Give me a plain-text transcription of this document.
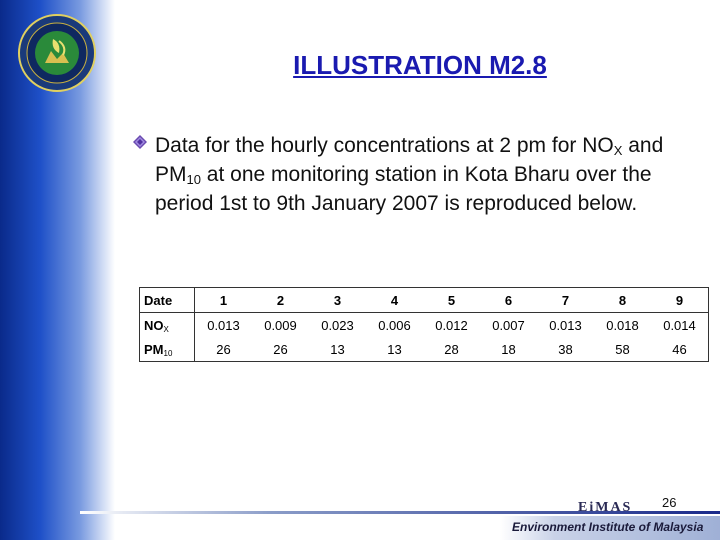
ILLUSTRATION M2.8
Data for the hourly concentrations at 2 pm for $NO_X$ and $PM_{10}$ at one monitoring station in Kota Bharu over the period 1st to 9th January 2007 is reproduced below.
Date	1	2	3	4	5	6	7	8	9
$NO_X$	0.013	0.009	0.023	0.006	0.012	0.007	0.013	0.018	0.014
$PM_{10}$	26	26	13	13	28	18	38	58	46
26
EiMAS
Environment Institute of Malaysia
